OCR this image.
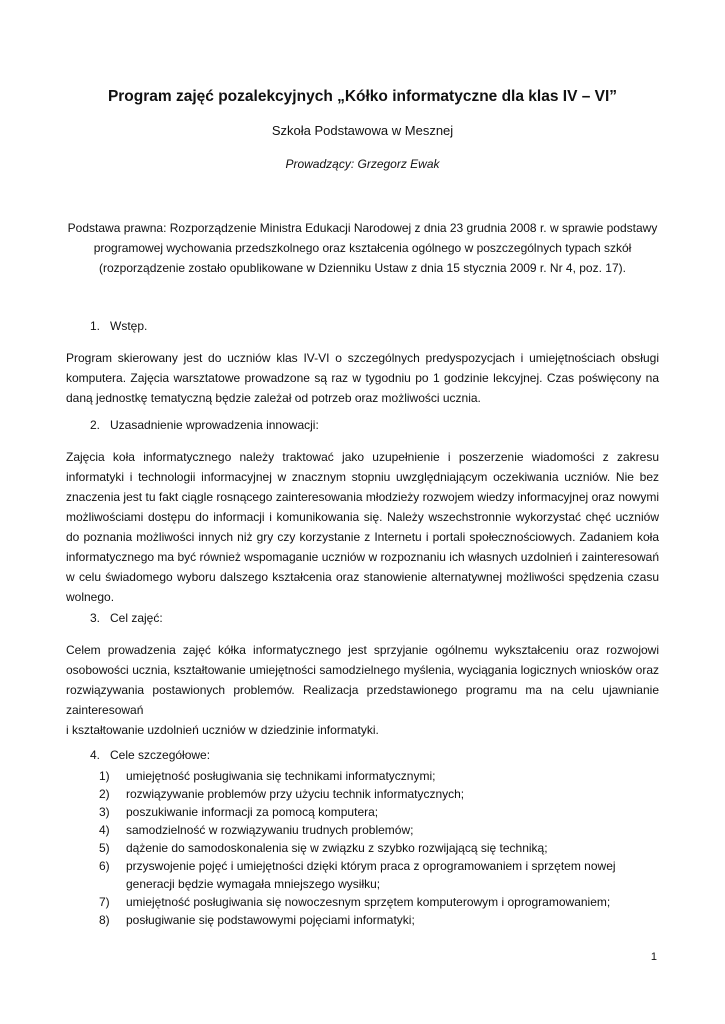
Program zajęć pozalekcyjnych „Kółko informatyczne dla klas IV – VI”

Szkoła Podstawowa w Mesznej

Prowadzący: Grzegorz Ewak

Podstawa prawna: Rozporządzenie Ministra Edukacji Narodowej z dnia 23 grudnia 2008 r. w sprawie podstawy programowej wychowania przedszkolnego oraz kształcenia ogólnego w poszczególnych typach szkół (rozporządzenie zostało opublikowane w Dzienniku Ustaw z dnia 15 stycznia 2009 r. Nr 4, poz. 17).

1. Wstęp.

Program skierowany jest do uczniów klas IV-VI o szczególnych predyspozycjach i umiejętnościach obsługi komputera. Zajęcia warsztatowe prowadzone są raz w tygodniu po 1 godzinie lekcyjnej. Czas poświęcony na daną jednostkę tematyczną będzie zależał od potrzeb oraz możliwości ucznia.

2. Uzasadnienie wprowadzenia innowacji:

Zajęcia koła informatycznego należy traktować jako uzupełnienie i poszerzenie wiadomości z zakresu informatyki i technologii informacyjnej w znacznym stopniu uwzględniającym oczekiwania uczniów. Nie bez znaczenia jest tu fakt ciągle rosnącego zainteresowania młodzieży rozwojem wiedzy informacyjnej oraz nowymi możliwościami dostępu do informacji i komunikowania się. Należy wszechstronnie wykorzystać chęć uczniów do poznania możliwości innych niż gry czy korzystanie z Internetu i portali społecznościowych. Zadaniem koła informatycznego ma być również wspomaganie uczniów w rozpoznaniu ich własnych uzdolnień i zainteresowań w celu świadomego wyboru dalszego kształcenia oraz stanowienie alternatywnej możliwości spędzenia czasu wolnego.

3. Cel zajęć:

Celem prowadzenia zajęć kółka informatycznego jest sprzyjanie ogólnemu wykształceniu oraz rozwojowi osobowości ucznia, kształtowanie umiejętności samodzielnego myślenia, wyciągania logicznych wniosków oraz rozwiązywania postawionych problemów. Realizacja przedstawionego programu ma na celu ujawnianie zainteresowań

i kształtowanie uzdolnień uczniów w dziedzinie informatyki.

4. Cele szczegółowe:

1) umiejętność posługiwania się technikami informatycznymi;

2) rozwiązywanie problemów przy użyciu technik informatycznych;

3) poszukiwanie informacji za pomocą komputera;

4) samodzielność w rozwiązywaniu trudnych problemów;

5) dążenie do samodoskonalenia się w związku z szybko rozwijającą się techniką;

6) przyswojenie pojęć i umiejętności dzięki którym praca z oprogramowaniem i sprzętem nowej generacji będzie wymagała mniejszego wysiłku;

7) umiejętność posługiwania się nowoczesnym sprzętem komputerowym i oprogramowaniem;

8) posługiwanie się podstawowymi pojęciami informatyki;

1
